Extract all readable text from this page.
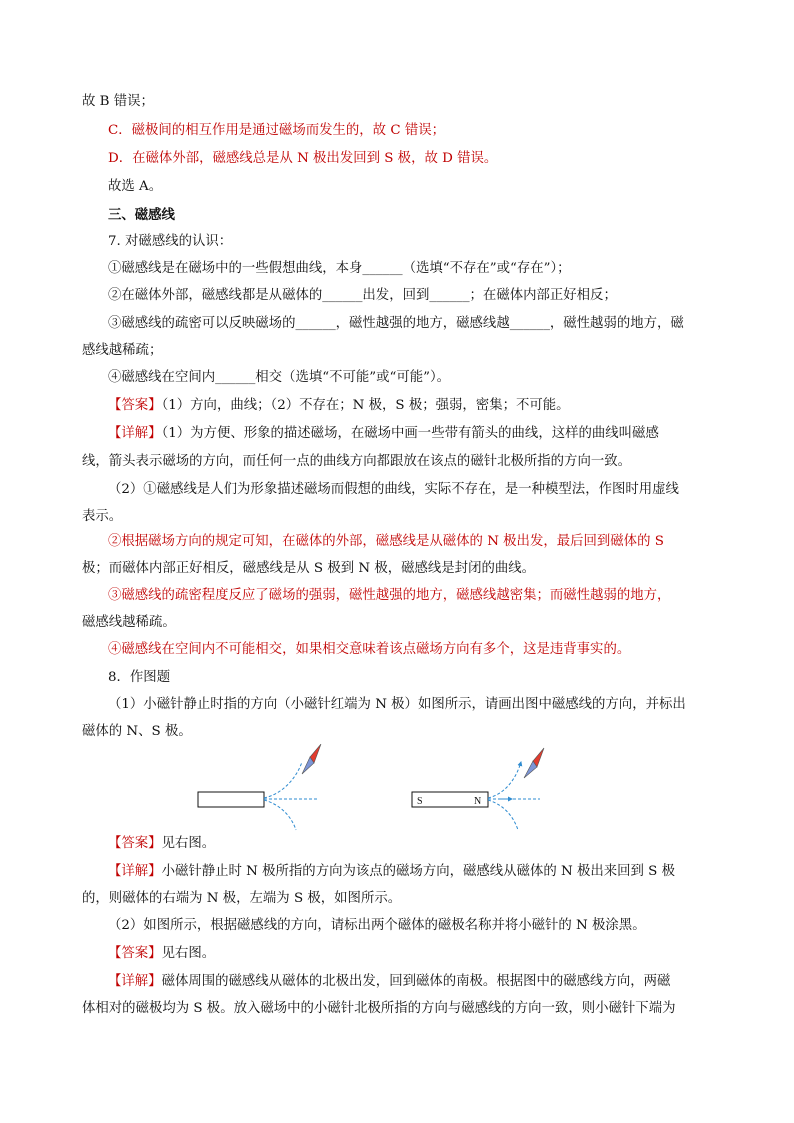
故 B 错误；
C．磁极间的相互作用是通过磁场而发生的，故 C 错误；
D．在磁体外部，磁感线总是从 N 极出发回到 S 极，故 D 错误。
故选 A。
三、磁感线
7. 对磁感线的认识：
①磁感线是在磁场中的一些假想曲线，本身______（选填“不存在”或“存在”）；
②在磁体外部，磁感线都是从磁体的______出发，回到______；在磁体内部正好相反；
③磁感线的疏密可以反映磁场的______，磁性越强的地方，磁感线越______，磁性越弱的地方，磁
感线越稀疏；
④磁感线在空间内______相交（选填“不可能”或“可能”）。
【答案】（1）方向，曲线；（2）不存在；N 极，S 极；强弱，密集；不可能。
【详解】（1）为方便、形象的描述磁场，在磁场中画一些带有箭头的曲线，这样的曲线叫磁感
线，箭头表示磁场的方向，而任何一点的曲线方向都跟放在该点的磁针北极所指的方向一致。
（2）①磁感线是人们为形象描述磁场而假想的曲线，实际不存在，是一种模型法，作图时用虚线
表示。
②根据磁场方向的规定可知，在磁体的外部，磁感线是从磁体的 N 极出发，最后回到磁体的 S
极；而磁体内部正好相反，磁感线是从 S 极到 N 极，磁感线是封闭的曲线。
③磁感线的疏密程度反应了磁场的强弱，磁性越强的地方，磁感线越密集；而磁性越弱的地方，
磁感线越稀疏。
④磁感线在空间内不可能相交，如果相交意味着该点磁场方向有多个，这是违背事实的。
8．作图题
（1）小磁针静止时指的方向（小磁针红端为 N 极）如图所示，请画出图中磁感线的方向，并标出
磁体的 N、S 极。
S	N
【答案】见右图。
【详解】小磁针静止时 N 极所指的方向为该点的磁场方向，磁感线从磁体的 N 极出来回到 S 极
的，则磁体的右端为 N 极，左端为 S 极，如图所示。
（2）如图所示，根据磁感线的方向，请标出两个磁体的磁极名称并将小磁针的 N 极涂黑。
【答案】见右图。
【详解】磁体周围的磁感线从磁体的北极出发，回到磁体的南极。根据图中的磁感线方向，两磁
体相对的磁极均为 S 极。放入磁场中的小磁针北极所指的方向与磁感线的方向一致，则小磁针下端为
